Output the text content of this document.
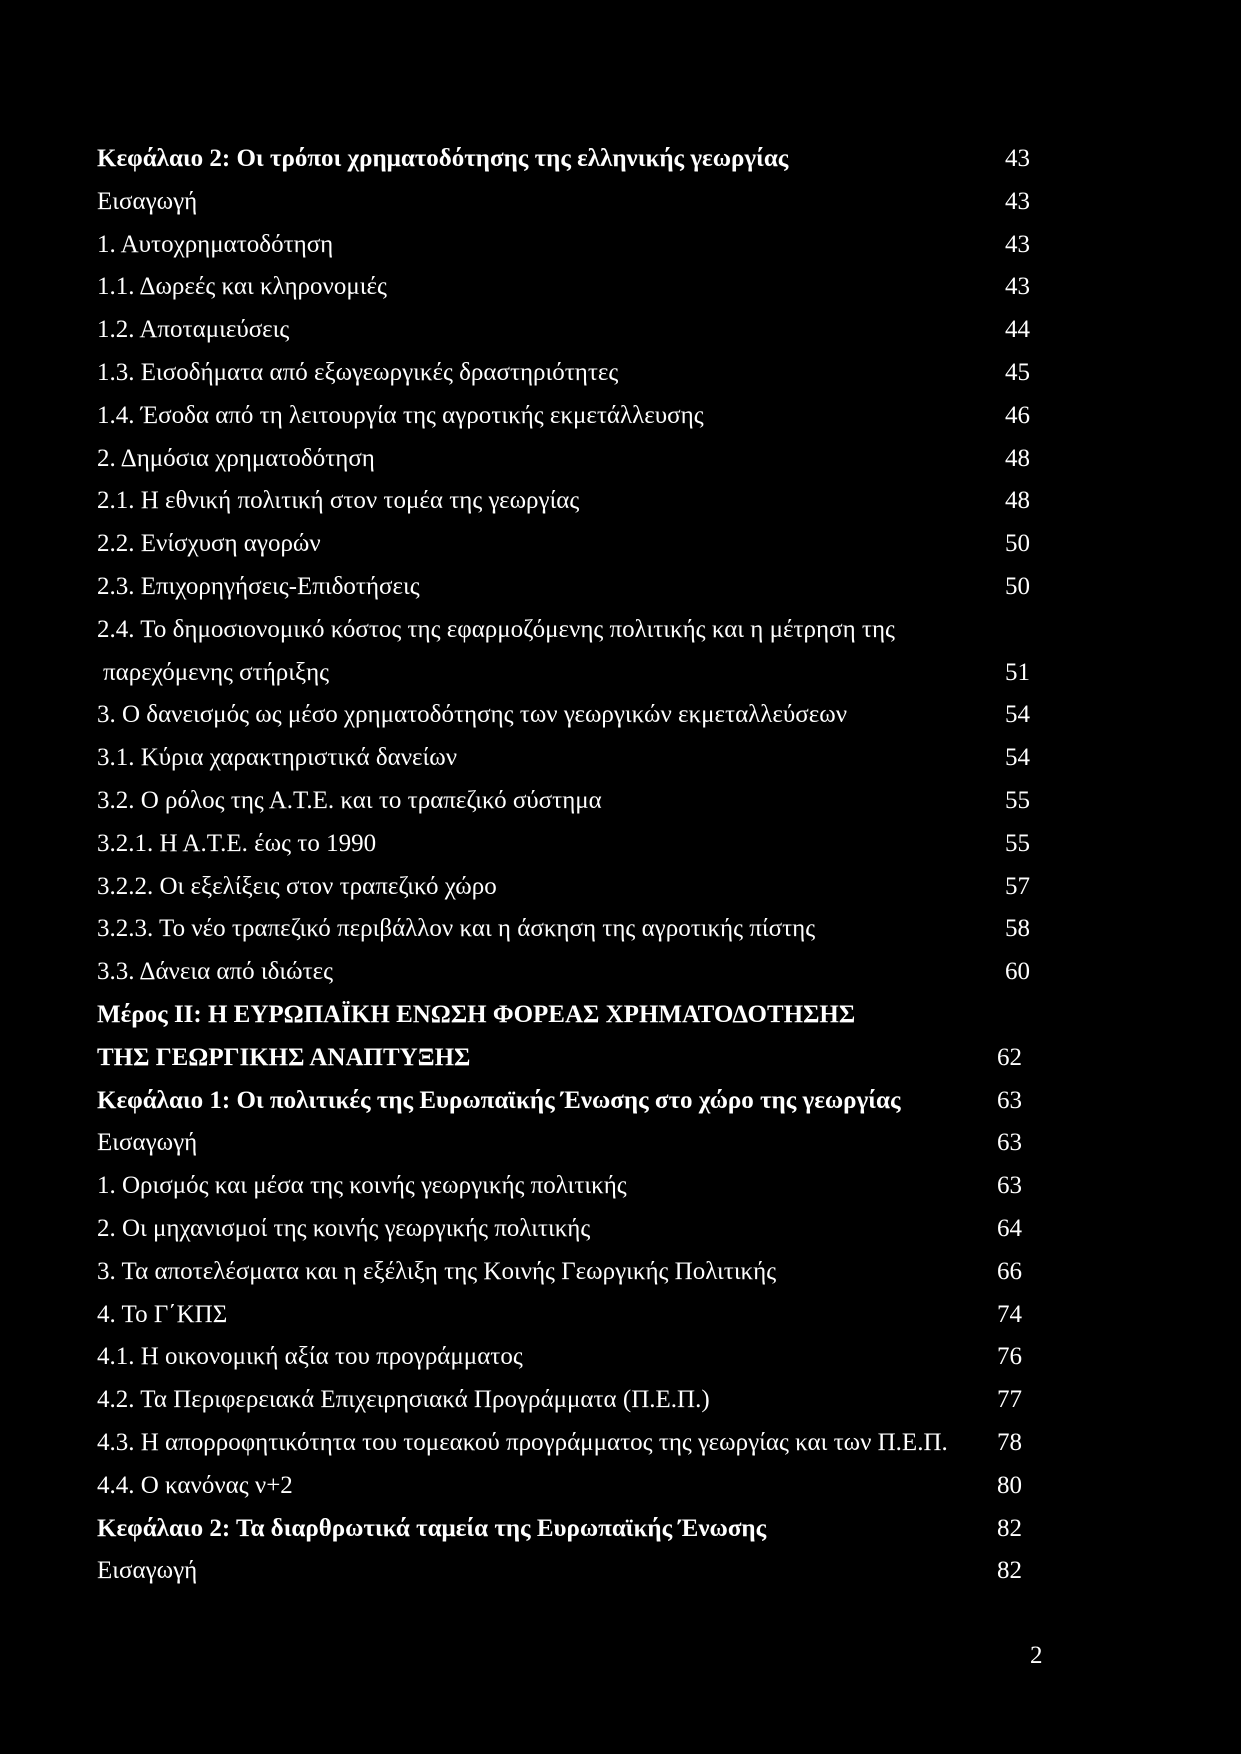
Κεφάλαιο 2: Οι τρόποι χρηματοδότησης της ελληνικής γεωργίας	43
Εισαγωγή	43
1. Αυτοχρηματοδότηση	43
1.1. Δωρεές και κληρονομιές	43
1.2. Αποταμιεύσεις	44
1.3. Εισοδήματα από εξωγεωργικές δραστηριότητες	45
1.4. Έσοδα από τη λειτουργία της αγροτικής εκμετάλλευσης	46
2. Δημόσια χρηματοδότηση	48
2.1. Η εθνική πολιτική στον τομέα της γεωργίας	48
2.2. Ενίσχυση αγορών	50
2.3. Επιχορηγήσεις-Επιδοτήσεις	50
2.4. Το δημοσιονομικό κόστος της εφαρμοζόμενης πολιτικής και η μέτρηση της
παρεχόμενης στήριξης	51
3. Ο δανεισμός ως μέσο χρηματοδότησης των γεωργικών εκμεταλλεύσεων	54
3.1. Κύρια χαρακτηριστικά δανείων	54
3.2. Ο ρόλος της Α.Τ.Ε. και το τραπεζικό σύστημα	55
3.2.1. Η Α.Τ.Ε. έως το 1990	55
3.2.2. Οι εξελίξεις στον τραπεζικό χώρο	57
3.2.3. Το νέο τραπεζικό περιβάλλον και η άσκηση της αγροτικής πίστης	58
3.3. Δάνεια από ιδιώτες	60
Μέρος II: Η ΕΥΡΩΠΑΪΚΗ ΕΝΩΣΗ ΦΟΡΕΑΣ ΧΡΗΜΑΤΟΔΟΤΗΣΗΣ
ΤΗΣ ΓΕΩΡΓΙΚΗΣ ΑΝΑΠΤΥΞΗΣ	62
Κεφάλαιο 1: Οι πολιτικές της Ευρωπαϊκής Ένωσης στο χώρο της γεωργίας	63
Εισαγωγή	63
1. Ορισμός και μέσα της κοινής γεωργικής πολιτικής	63
2. Οι μηχανισμοί της κοινής γεωργικής πολιτικής	64
3. Τα αποτελέσματα και η εξέλιξη της Κοινής Γεωργικής Πολιτικής	66
4. Το Γ΄ΚΠΣ	74
4.1. Η οικονομική αξία του προγράμματος	76
4.2. Τα Περιφερειακά Επιχειρησιακά Προγράμματα (Π.Ε.Π.)	77
4.3. Η απορροφητικότητα του τομεακού προγράμματος της γεωργίας και των Π.Ε.Π. 78
4.4. Ο κανόνας ν+2	80
Κεφάλαιο 2: Τα διαρθρωτικά ταμεία της Ευρωπαϊκής Ένωσης	82
Εισαγωγή	82
2
